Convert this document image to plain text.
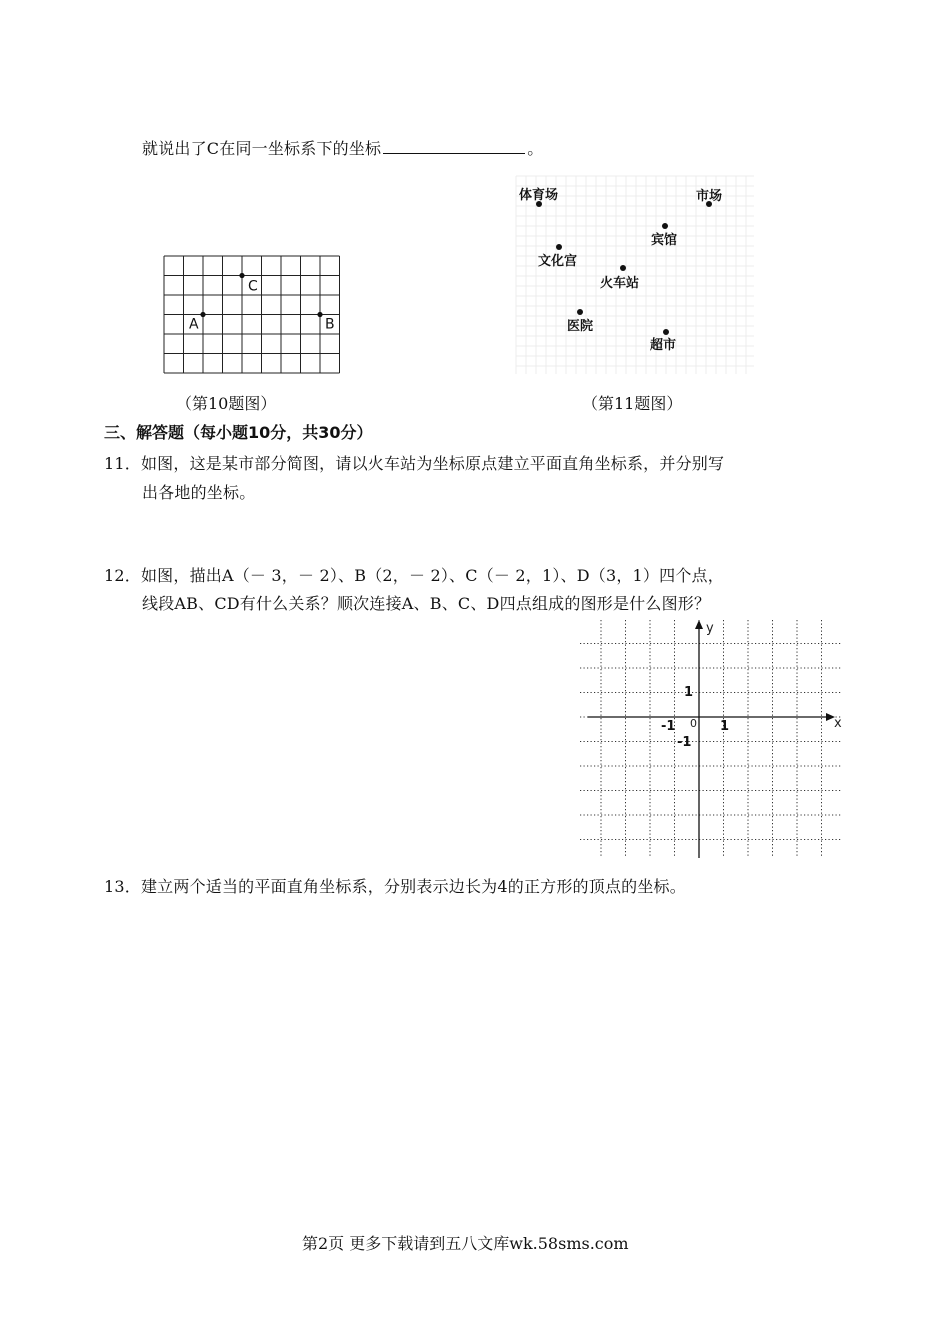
就说出了C在同一坐标系下的坐标	。
A	B
C
（第10题图）
体育场	市场
宾馆
文化宫
火车站
医院
超市
（第11题图）
三、解答题（每小题10分，共30分）
11．如图，这是某市部分简图，请以火车站为坐标原点建立平面直角坐标系，并分别写
出各地的坐标。
12．如图，描出A（－ 3，－ 2）、B（2，－ 2）、C（－ 2，1）、D（3，1）四个点，
线段AB、CD有什么关系？顺次连接A、B、C、D四点组成的图形是什么图形？
x
y
0 1
-1
1
-1
13．建立两个适当的平面直角坐标系，分别表示边长为4的正方形的顶点的坐标。
第2页 更多下载请到五八文库wk.58sms.com
